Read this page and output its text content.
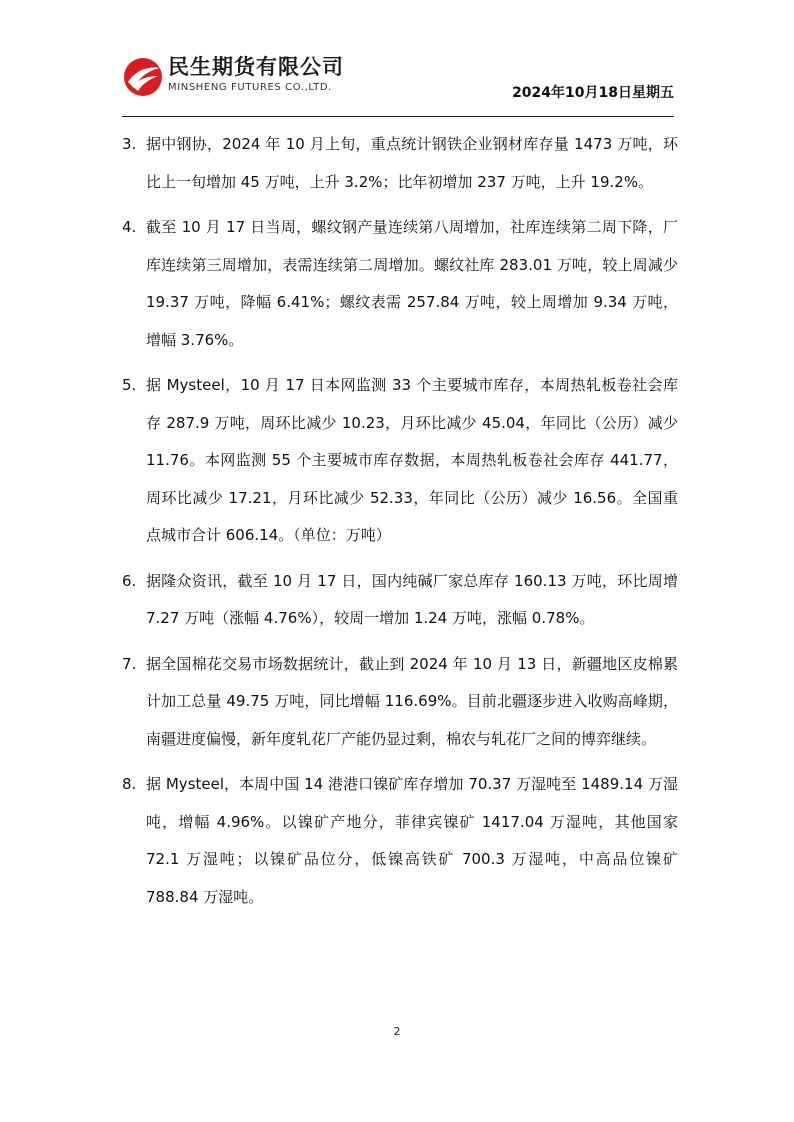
民生期货有限公司
MINSHENG FUTURES CO.,LTD.	2024年10月18日星期五
3. 据中钢协，2024 年 10 月上旬，重点统计钢铁企业钢材库存量 1473 万吨，环比上一旬增加 45 万吨，上升 3.2%；比年初增加 237 万吨，上升 19.2%。
4. 截至 10 月 17 日当周，螺纹钢产量连续第八周增加，社库连续第二周下降，厂库连续第三周增加，表需连续第二周增加。螺纹社库 283.01 万吨，较上周减少 19.37 万吨，降幅 6.41%；螺纹表需 257.84 万吨，较上周增加 9.34 万吨，增幅 3.76%。
5. 据 Mysteel，10 月 17 日本网监测 33 个主要城市库存，本周热轧板卷社会库存 287.9 万吨，周环比减少 10.23，月环比减少 45.04，年同比（公历）减少 11.76。本网监测 55 个主要城市库存数据，本周热轧板卷社会库存 441.77，周环比减少 17.21，月环比减少 52.33，年同比（公历）减少 16.56。全国重点城市合计 606.14。（单位：万吨）
6. 据隆众资讯，截至 10 月 17 日，国内纯碱厂家总库存 160.13 万吨，环比周增 7.27 万吨（涨幅 4.76%），较周一增加 1.24 万吨，涨幅 0.78%。
7. 据全国棉花交易市场数据统计，截止到 2024 年 10 月 13 日，新疆地区皮棉累计加工总量 49.75 万吨，同比增幅 116.69%。目前北疆逐步进入收购高峰期，南疆进度偏慢，新年度轧花厂产能仍显过剩，棉农与轧花厂之间的博弈继续。
8. 据 Mysteel，本周中国 14 港港口镍矿库存增加 70.37 万湿吨至 1489.14 万湿吨，增幅 4.96%。以镍矿产地分，菲律宾镍矿 1417.04 万湿吨，其他国家 72.1 万湿吨；以镍矿品位分，低镍高铁矿 700.3 万湿吨，中高品位镍矿 788.84 万湿吨。
2
